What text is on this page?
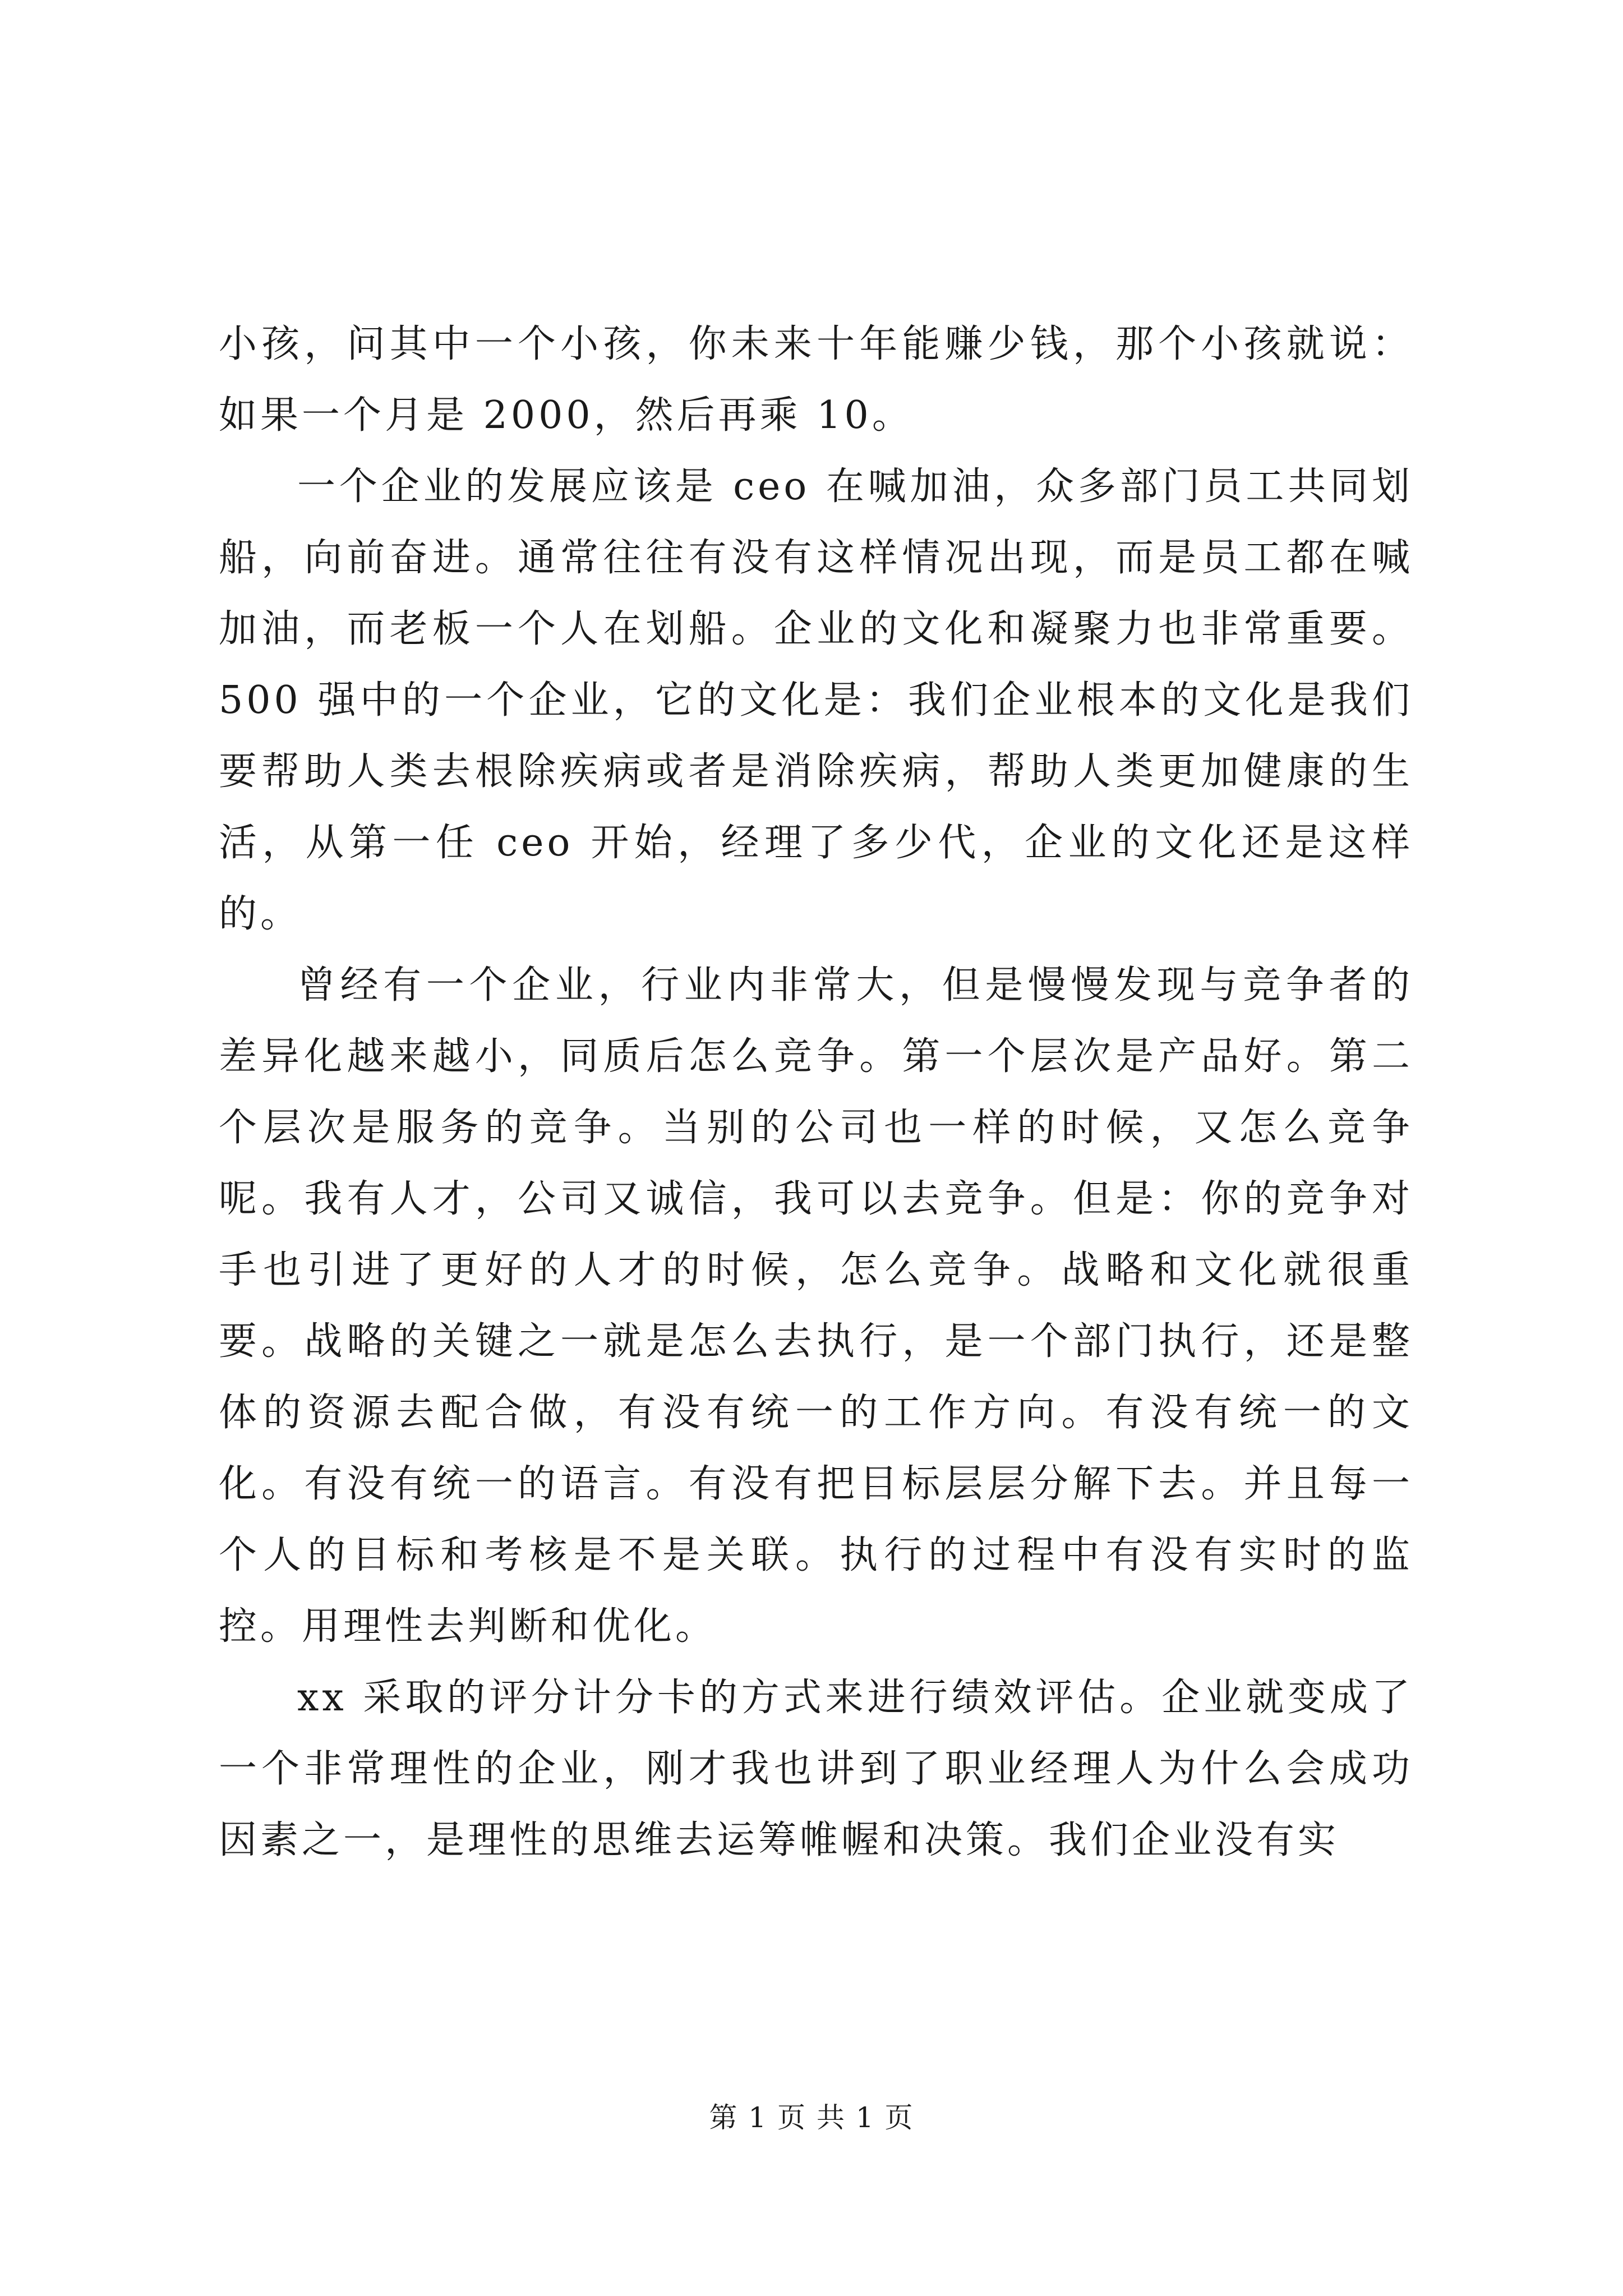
小孩，问其中一个小孩，你未来十年能赚少钱，那个小孩就说：如果一个月是 2000，然后再乘 10。

一个企业的发展应该是 ceo 在喊加油，众多部门员工共同划船，向前奋进。通常往往有没有这样情况出现，而是员工都在喊加油，而老板一个人在划船。企业的文化和凝聚力也非常重要。500 强中的一个企业，它的文化是：我们企业根本的文化是我们要帮助人类去根除疾病或者是消除疾病，帮助人类更加健康的生活，从第一任 ceo 开始，经理了多少代，企业的文化还是这样的。

曾经有一个企业，行业内非常大，但是慢慢发现与竞争者的差异化越来越小，同质后怎么竞争。第一个层次是产品好。第二个层次是服务的竞争。当别的公司也一样的时候，又怎么竞争呢。我有人才，公司又诚信，我可以去竞争。但是：你的竞争对手也引进了更好的人才的时候，怎么竞争。战略和文化就很重要。战略的关键之一就是怎么去执行，是一个部门执行，还是整体的资源去配合做，有没有统一的工作方向。有没有统一的文化。有没有统一的语言。有没有把目标层层分解下去。并且每一个人的目标和考核是不是关联。执行的过程中有没有实时的监控。用理性去判断和优化。

xx 采取的评分计分卡的方式来进行绩效评估。企业就变成了一个非常理性的企业，刚才我也讲到了职业经理人为什么会成功因素之一，是理性的思维去运筹帷幄和决策。我们企业没有实

第 1 页 共 1 页
